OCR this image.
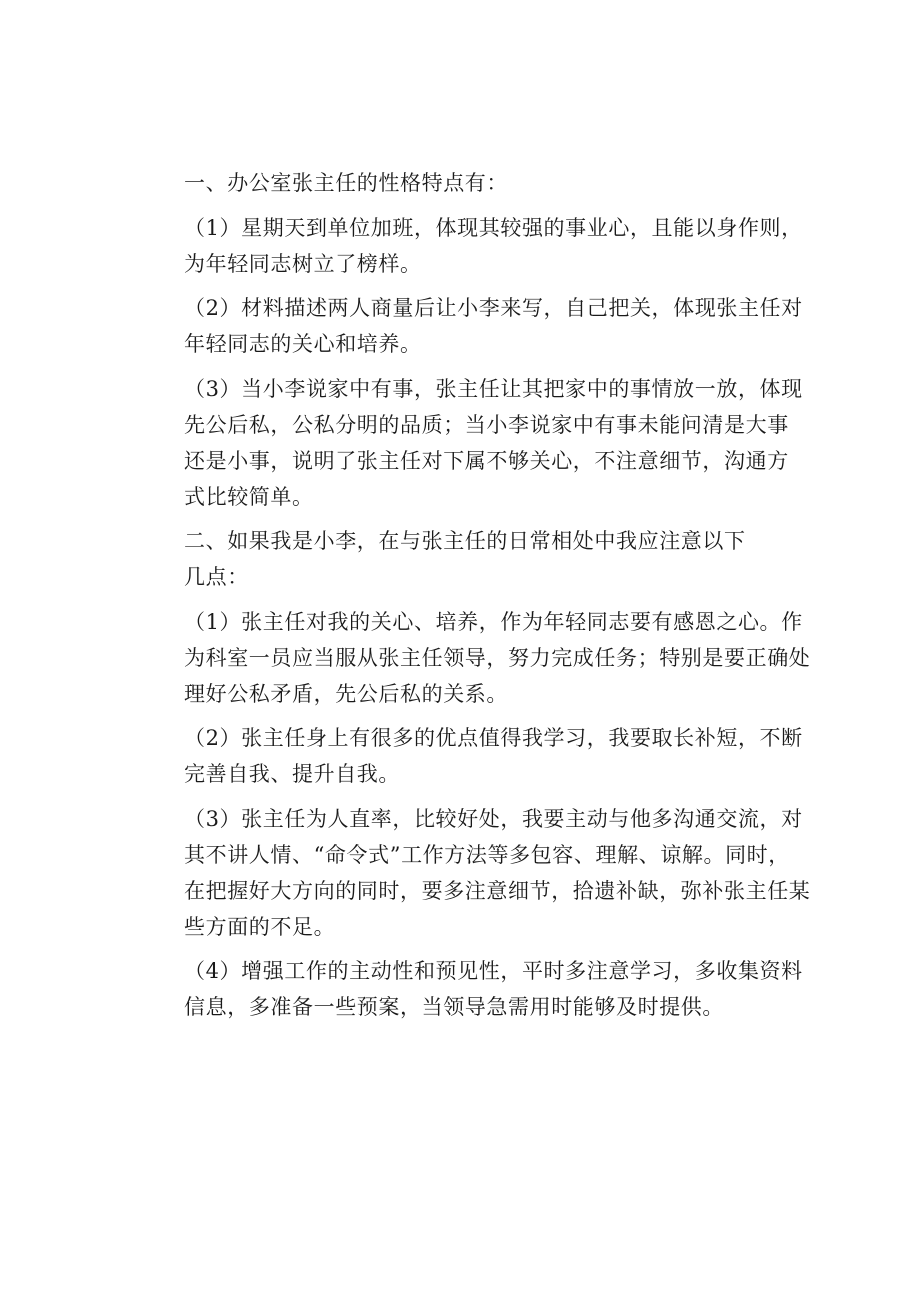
一、办公室张主任的性格特点有：
（1）星期天到单位加班，体现其较强的事业心，且能以身作则，
为年轻同志树立了榜样。
（2）材料描述两人商量后让小李来写，自己把关，体现张主任对
年轻同志的关心和培养。
（3）当小李说家中有事，张主任让其把家中的事情放一放，体现
先公后私，公私分明的品质；当小李说家中有事未能问清是大事
还是小事，说明了张主任对下属不够关心，不注意细节，沟通方
式比较简单。
二、如果我是小李，在与张主任的日常相处中我应注意以下
几点：
（1）张主任对我的关心、培养，作为年轻同志要有感恩之心。作
为科室一员应当服从张主任领导，努力完成任务；特别是要正确处
理好公私矛盾，先公后私的关系。
（2）张主任身上有很多的优点值得我学习，我要取长补短，不断
完善自我、提升自我。
（3）张主任为人直率，比较好处，我要主动与他多沟通交流，对
其不讲人情、“命令式”工作方法等多包容、理解、谅解。同时，
在把握好大方向的同时，要多注意细节，拾遗补缺，弥补张主任某
些方面的不足。
（4）增强工作的主动性和预见性，平时多注意学习，多收集资料
信息，多准备一些预案，当领导急需用时能够及时提供。
